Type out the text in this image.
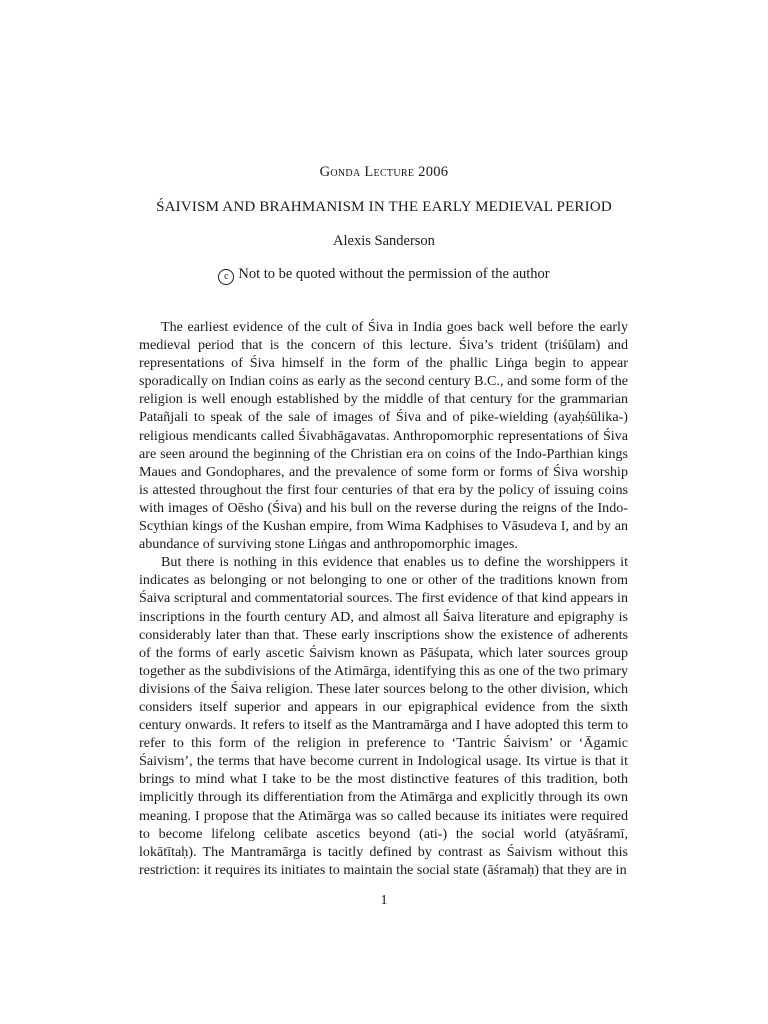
Gonda Lecture 2006
ŚAIVISM AND BRAHMANISM IN THE EARLY MEDIEVAL PERIOD
Alexis Sanderson
c Not to be quoted without the permission of the author

The earliest evidence of the cult of Śiva in India goes back well before the early medieval period that is the concern of this lecture. Śiva’s trident (triśūlam) and representations of Śiva himself in the form of the phallic Liṅga begin to appear sporadically on Indian coins as early as the second century B.C., and some form of the religion is well enough established by the middle of that century for the grammarian Patañjali to speak of the sale of images of Śiva and of pike-wielding (ayaḥśūlika-) religious mendicants called Śivabhāgavatas. Anthropomorphic representations of Śiva are seen around the beginning of the Christian era on coins of the Indo-Parthian kings Maues and Gondophares, and the prevalence of some form or forms of Śiva worship is attested throughout the first four centuries of that era by the policy of issuing coins with images of Oēsho (Śiva) and his bull on the reverse during the reigns of the Indo-Scythian kings of the Kushan empire, from Wima Kadphises to Vāsudeva I, and by an abundance of surviving stone Liṅgas and anthropomorphic images.

But there is nothing in this evidence that enables us to define the worshippers it indicates as belonging or not belonging to one or other of the traditions known from Śaiva scriptural and commentatorial sources. The first evidence of that kind appears in inscriptions in the fourth century AD, and almost all Śaiva literature and epigraphy is considerably later than that. These early inscriptions show the existence of adherents of the forms of early ascetic Śaivism known as Pāśupata, which later sources group together as the subdivisions of the Atimārga, identifying this as one of the two primary divisions of the Śaiva religion. These later sources belong to the other division, which considers itself superior and appears in our epigraphical evidence from the sixth century onwards. It refers to itself as the Mantramārga and I have adopted this term to refer to this form of the religion in preference to ‘Tantric Śaivism’ or ‘Āgamic Śaivism’, the terms that have become current in Indological usage. Its virtue is that it brings to mind what I take to be the most distinctive features of this tradition, both implicitly through its differentiation from the Atimārga and explicitly through its own meaning. I propose that the Atimārga was so called because its initiates were required to become lifelong celibate ascetics beyond (ati-) the social world (atyāśramī, lokātītaḥ). The Mantramārga is tacitly defined by contrast as Śaivism without this restriction: it requires its initiates to maintain the social state (āśramaḥ) that they are in

1
